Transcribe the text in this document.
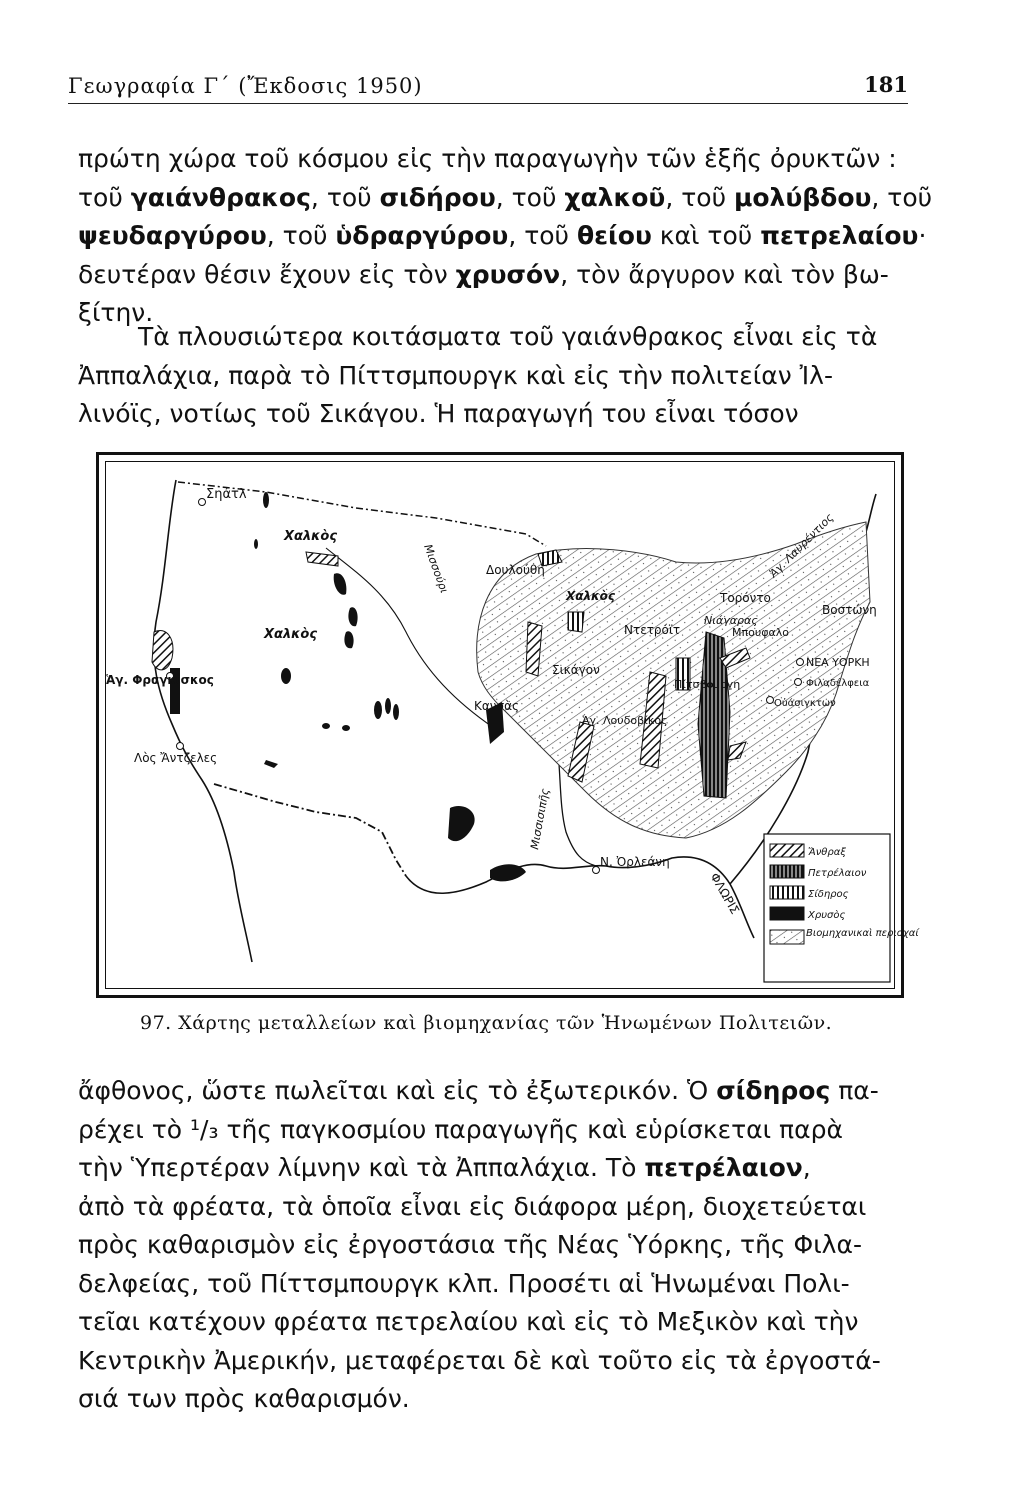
Γεωγραφία Γ΄ (Ἔκδοσις 1950)	181
πρώτη χώρα τοῦ κόσμου εἰς τὴν παραγωγὴν τῶν ἑξῆς ὀρυκτῶν :
τοῦ γαιάνθρακος, τοῦ σιδήρου, τοῦ χαλκοῦ, τοῦ μολύβδου, τοῦ
ψευδαργύρου, τοῦ ὑδραργύρου, τοῦ θείου καὶ τοῦ πετρελαίου·
δευτέραν θέσιν ἔχουν εἰς τὸν χρυσόν, τὸν ἄργυρον καὶ τὸν βω-
ξίτην.
Τὰ πλουσιώτερα κοιτάσματα τοῦ γαιάνθρακος εἶναι εἰς τὰ
Ἀππαλάχια, παρὰ τὸ Πίττσμπουργκ καὶ εἰς τὴν πολιτείαν Ἰλ-
λινόϊς, νοτίως τοῦ Σικάγου. Ἡ παραγωγή του εἶναι τόσον
Σηάτλ
Χαλκὸς
Χαλκὸς
Χαλκὸς
Μισσούρι	Δουλούθη
Τορόντο
Ἁγ. Λαυρέντιος
Βοστώνη
Ντετρόϊτ
Νιάγαρας
Μπουφαλο
ΝΕΑ ΥΟΡΚΗ
Φιλαδέλφεια
Οὐάσιγκτων
Πίτσβουργη
Σικάγον
Ἁγ. Φραγκίσκος
Λὸς Ἄντζελες
Κανσὰς
Ἁγ. Λουδοβίκος
Μισσισιπῆς
Ν. Ὀρλεάνη
ΦΛΩΡΙΣ
Ἄνθραξ
Πετρέλαιον
Σίδηρος
Χρυσὸς
Βιομηχανικαὶ περιοχαί
97. Χάρτης μεταλλείων καὶ βιομηχανίας τῶν Ἡνωμένων Πολιτειῶν.
ἄφθονος, ὥστε πωλεῖται καὶ εἰς τὸ ἐξωτερικόν. Ὁ σίδηρος πα-
ρέχει τὸ ¹/₃ τῆς παγκοσμίου παραγωγῆς καὶ εὑρίσκεται παρὰ
τὴν Ὑπερτέραν λίμνην καὶ τὰ Ἀππαλάχια. Τὸ πετρέλαιον,
ἀπὸ τὰ φρέατα, τὰ ὁποῖα εἶναι εἰς διάφορα μέρη, διοχετεύεται
πρὸς καθαρισμὸν εἰς ἐργοστάσια τῆς Νέας Ὑόρκης, τῆς Φιλα-
δελφείας, τοῦ Πίττσμπουργκ κλπ. Προσέτι αἱ Ἡνωμέναι Πολι-
τεῖαι κατέχουν φρέατα πετρελαίου καὶ εἰς τὸ Μεξικὸν καὶ τὴν
Κεντρικὴν Ἀμερικήν, μεταφέρεται δὲ καὶ τοῦτο εἰς τὰ ἐργοστά-
σιά των πρὸς καθαρισμόν.
